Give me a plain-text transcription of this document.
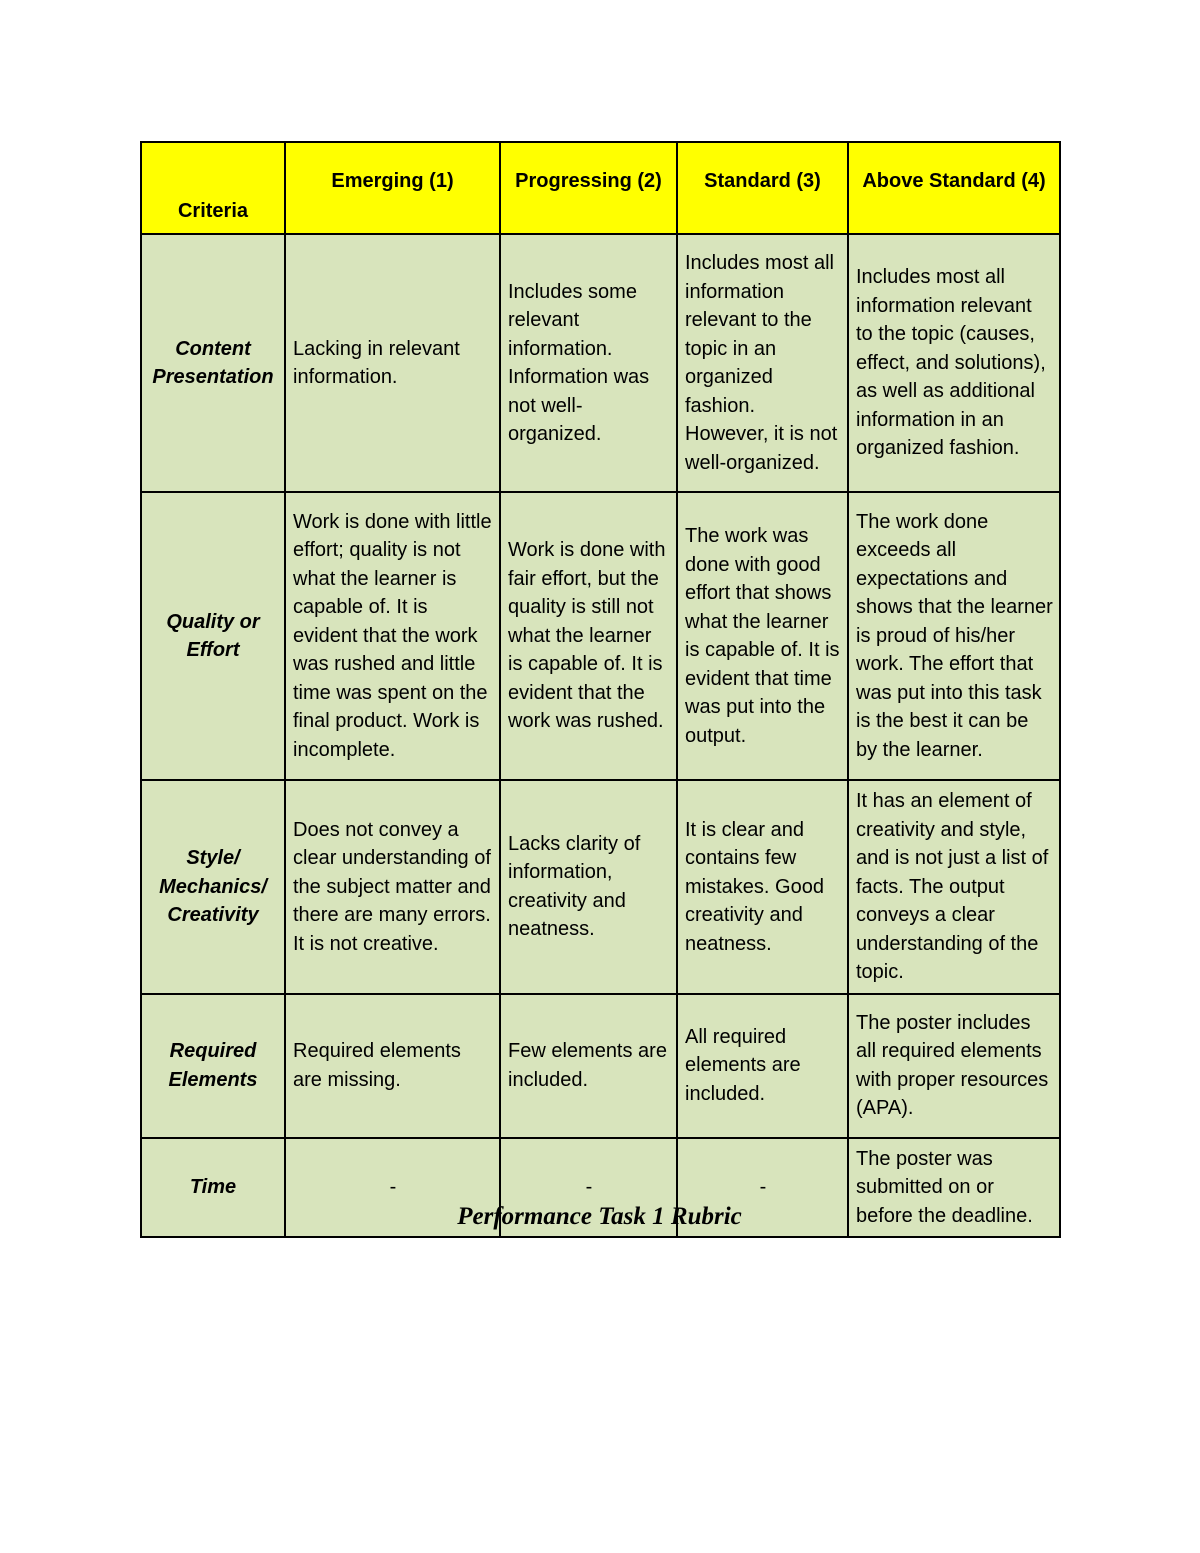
Criteria	Emerging (1)	Progressing (2)	Standard (3)	Above Standard (4)
Content Presentation	Lacking in relevant information.	Includes some relevant information. Information was not well-organized.	Includes most all information relevant to the topic in an organized fashion. However, it is not well-organized.	Includes most all information relevant to the topic (causes, effect, and solutions), as well as additional information in an organized fashion.
Quality or Effort	Work is done with little effort; quality is not what the learner is capable of. It is evident that the work was rushed and little time was spent on the final product. Work is incomplete.	Work is done with fair effort, but the quality is still not what the learner is capable of. It is evident that the work was rushed.	The work was done with good effort that shows what the learner is capable of. It is evident that time was put into the output.	The work done exceeds all expectations and shows that the learner is proud of his/her work. The effort that was put into this task is the best it can be by the learner.
Style/ Mechanics/ Creativity	Does not convey a clear understanding of the subject matter and there are many errors. It is not creative.	Lacks clarity of information, creativity and neatness.	It is clear and contains few mistakes. Good creativity and neatness.	It has an element of creativity and style, and is not just a list of facts. The output conveys a clear understanding of the topic.
Required Elements	Required elements are missing.	Few elements are included.	All required elements are included.	The poster includes all required elements with proper resources (APA).
Time	-	-	-	The poster was submitted on or before the deadline.
Performance Task 1 Rubric
